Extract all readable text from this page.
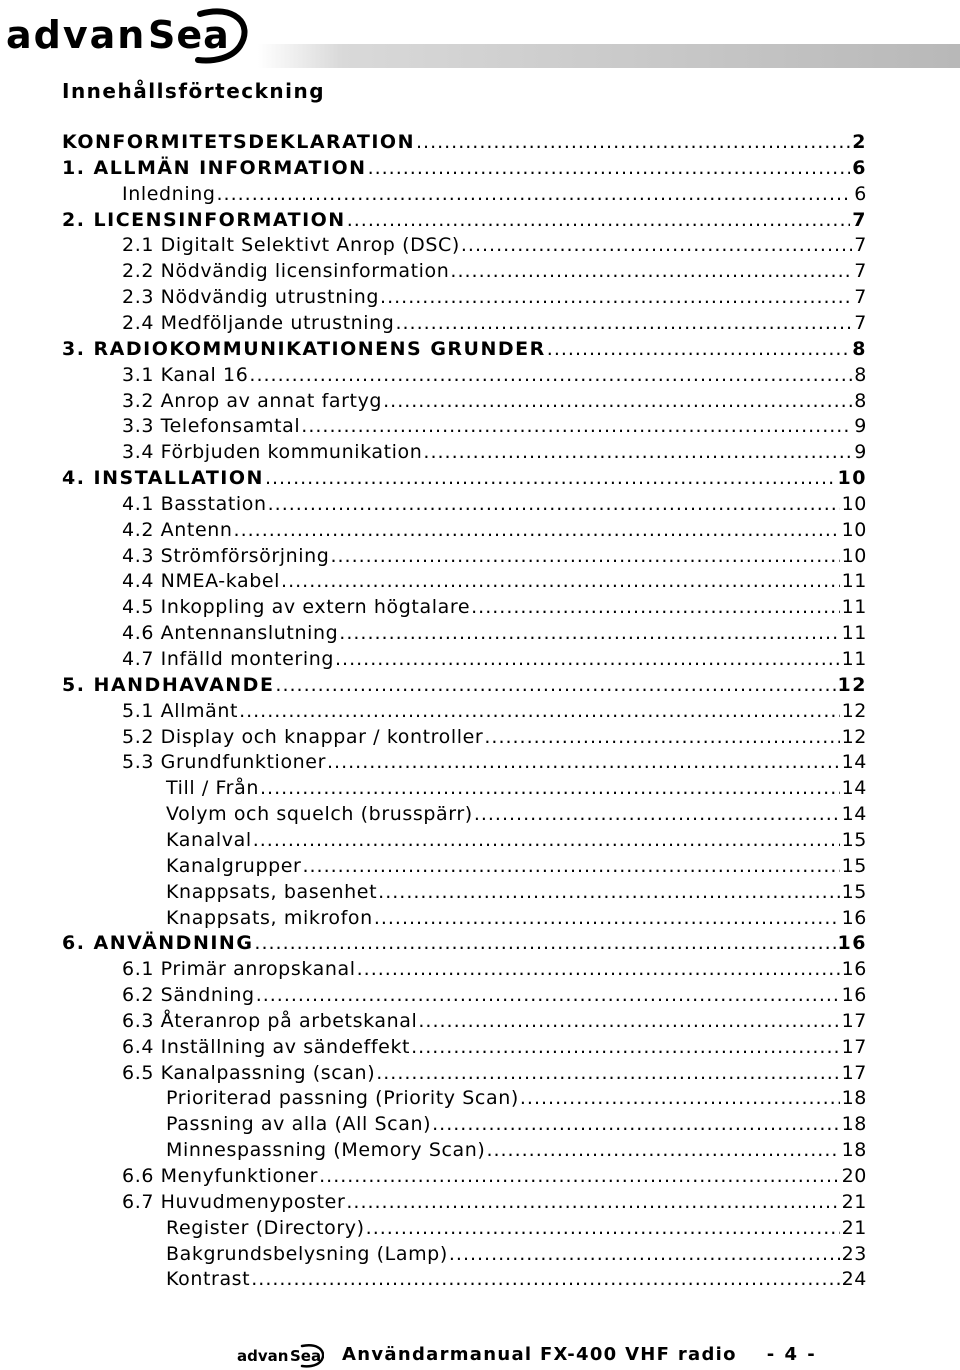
advan Sea
Innehållsförteckning
KONFORMITETSDEKLARATION .....	2
1. ALLMÄN INFORMATION .....	6
Inledning .....	6
2. LICENSINFORMATION .....	7
2.1 Digitalt Selektivt Anrop (DSC) .....	7
2.2 Nödvändig licensinformation .....	7
2.3 Nödvändig utrustning .....	7
2.4 Medföljande utrustning .....	7
3. RADIOKOMMUNIKATIONENS GRUNDER .....	8
3.1 Kanal 16 .....	8
3.2 Anrop av annat fartyg .....	8
3.3 Telefonsamtal .....	9
3.4 Förbjuden kommunikation .....	9
4. INSTALLATION .....	10
4.1 Basstation .....	10
4.2 Antenn .....	10
4.3 Strömförsörjning .....	10
4.4 NMEA-kabel .....	11
4.5 Inkoppling av extern högtalare .....	11
4.6 Antennanslutning .....	11
4.7 Infälld montering .....	11
5. HANDHAVANDE .....	12
5.1 Allmänt .....	12
5.2 Display och knappar / kontroller .....	12
5.3 Grundfunktioner .....	14
Till / Från .....	14
Volym och squelch (brusspärr) .....	14
Kanalval .....	15
Kanalgrupper .....	15
Knappsats, basenhet .....	15
Knappsats, mikrofon .....	16
6. ANVÄNDNING .....	16
6.1 Primär anropskanal .....	16
6.2 Sändning .....	16
6.3 Återanrop på arbetskanal .....	17
6.4 Inställning av sändeffekt .....	17
6.5 Kanalpassning (scan) .....	17
Prioriterad passning (Priority Scan) .....	18
Passning av alla (All Scan) .....	18
Minnespassning (Memory Scan) .....	18
6.6 Menyfunktioner .....	20
6.7 Huvudmenyposter .....	21
Register (Directory) .....	21
Bakgrundsbelysning (Lamp) .....	23
Kontrast .....	24
advan Sea Användarmanual FX-400 VHF radio - 4 -
